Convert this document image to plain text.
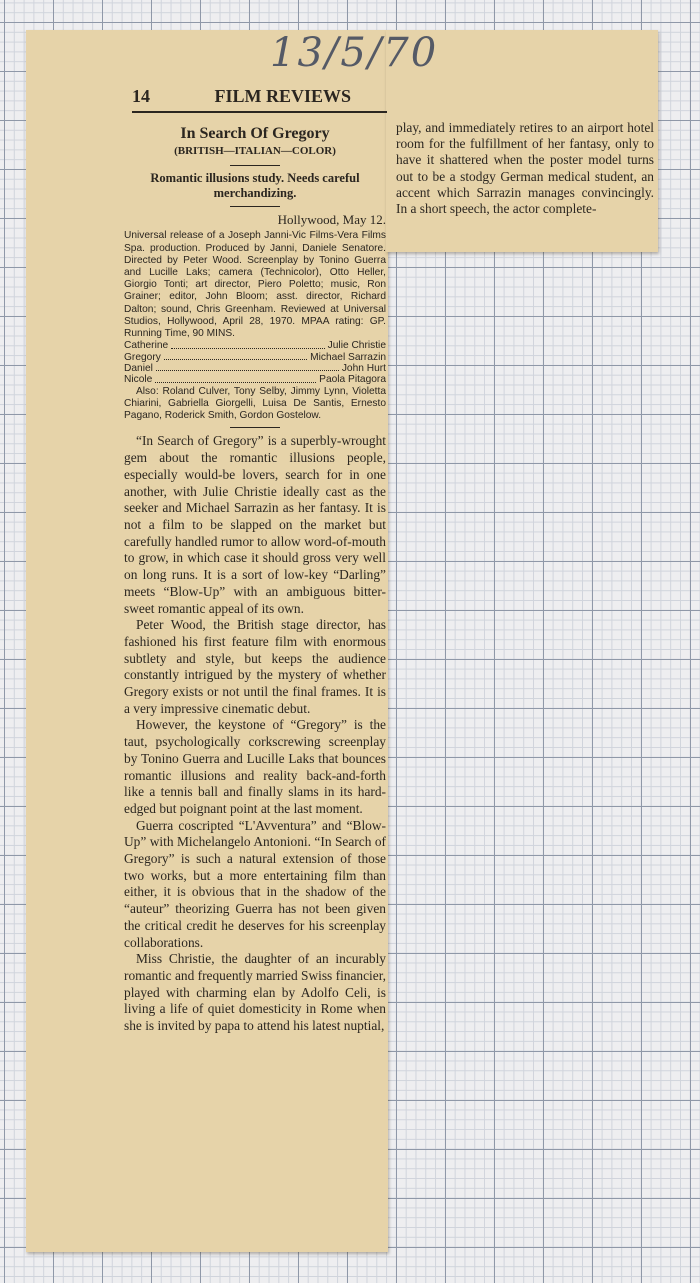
13/5/70
14	FILM REVIEWS

In Search Of Gregory

(BRITISH—ITALIAN—COLOR)

Romantic illusions study. Needs careful merchandizing.
Hollywood, May 12.
Universal release of a Joseph Janni-Vic Films-Vera Films Spa. production. Produced by Janni, Daniele Senatore. Directed by Peter Wood. Screenplay by Tonino Guerra and Lucille Laks; camera (Technicolor), Otto Heller, Giorgio Tonti; art director, Piero Poletto; music, Ron Grainer; editor, John Bloom; asst. director, Richard Dalton; sound, Chris Greenham. Reviewed at Universal Studios, Hollywood, April 28, 1970. MPAA rating: GP. Running Time, 90 MINS.
Catherine	Julie Christie
Gregory	Michael Sarrazin
Daniel	John Hurt
Nicole	Paola Pitagora
Also: Roland Culver, Tony Selby, Jimmy Lynn, Violetta Chiarini, Gabriella Giorgelli, Luisa De Santis, Ernesto Pagano, Roderick Smith, Gordon Gostelow.

“In Search of Gregory” is a superbly-wrought gem about the romantic illusions people, especially would-be lovers, search for in one another, with Julie Christie ideally cast as the seeker and Michael Sarrazin as her fantasy. It is not a film to be slapped on the market but carefully handled rumor to allow word-of-mouth to grow, in which case it should gross very well on long runs. It is a sort of low-key “Darling” meets “Blow-Up” with an ambiguous bitter-sweet romantic appeal of its own.

Peter Wood, the British stage director, has fashioned his first feature film with enormous subtlety and style, but keeps the audience constantly intrigued by the mystery of whether Gregory exists or not until the final frames. It is a very impressive cinematic debut.

However, the keystone of “Gregory” is the taut, psychologically corkscrewing screenplay by Tonino Guerra and Lucille Laks that bounces romantic illusions and reality back-and-forth like a tennis ball and finally slams in its hard-edged but poignant point at the last moment.

Guerra coscripted “L'Avventura” and “Blow-Up” with Michelangelo Antonioni. “In Search of Gregory” is such a natural extension of those two works, but a more entertaining film than either, it is obvious that in the shadow of the “auteur” theorizing Guerra has not been given the critical credit he deserves for his screenplay collaborations.

Miss Christie, the daughter of an incurably romantic and frequently married Swiss financier, played with charming elan by Adolfo Celi, is living a life of quiet domesticity in Rome when she is invited by papa to attend his latest nuptial,

play, and immediately retires to an airport hotel room for the fulfillment of her fantasy, only to have it shattered when the poster model turns out to be a stodgy German medical student, an accent which Sarrazin manages convincingly. In a short speech, the actor complete-
